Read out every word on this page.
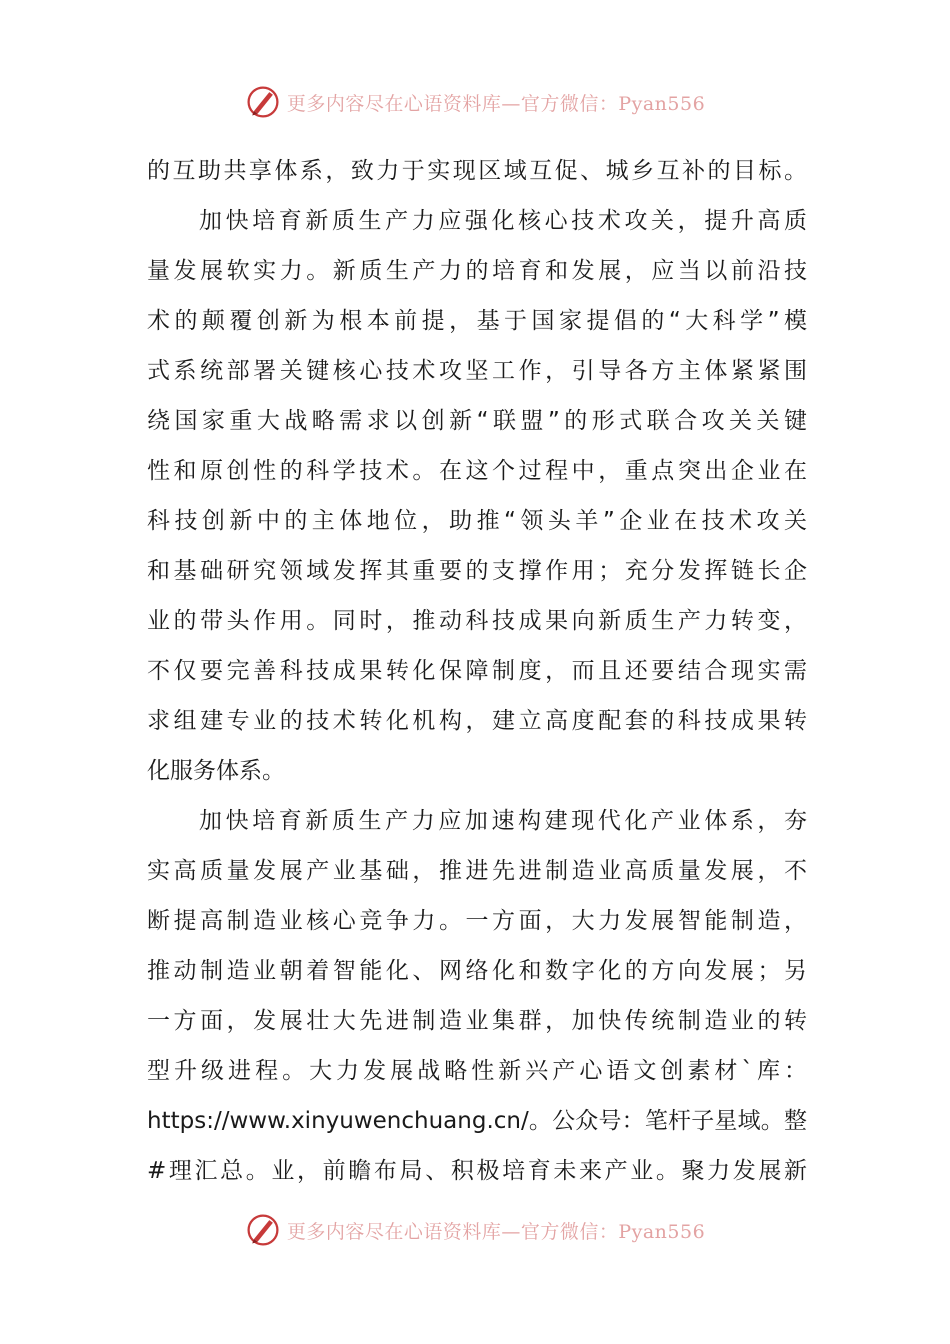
更多内容尽在心语资料库—官方微信：Pyan556
的互助共享体系，致力于实现区域互促、城乡互补的目标。
加快培育新质生产力应强化核心技术攻关，提升高质
量发展软实力。新质生产力的培育和发展，应当以前沿技
术的颠覆创新为根本前提，基于国家提倡的“大科学”模
式系统部署关键核心技术攻坚工作，引导各方主体紧紧围
绕国家重大战略需求以创新“联盟”的形式联合攻关关键
性和原创性的科学技术。在这个过程中，重点突出企业在
科技创新中的主体地位，助推“领头羊”企业在技术攻关
和基础研究领域发挥其重要的支撑作用；充分发挥链长企
业的带头作用。同时，推动科技成果向新质生产力转变，
不仅要完善科技成果转化保障制度，而且还要结合现实需
求组建专业的技术转化机构，建立高度配套的科技成果转
化服务体系。
加快培育新质生产力应加速构建现代化产业体系，夯
实高质量发展产业基础，推进先进制造业高质量发展，不
断提高制造业核心竞争力。一方面，大力发展智能制造，
推动制造业朝着智能化、网络化和数字化的方向发展；另
一方面，发展壮大先进制造业集群，加快传统制造业的转
型升级进程。大力发展战略性新兴产心语文创素材`库：
https://www.xinyuwenchuang.cn/。公众号：笔杆子星域。整
#理汇总。业，前瞻布局、积极培育未来产业。聚力发展新
更多内容尽在心语资料库—官方微信：Pyan556
